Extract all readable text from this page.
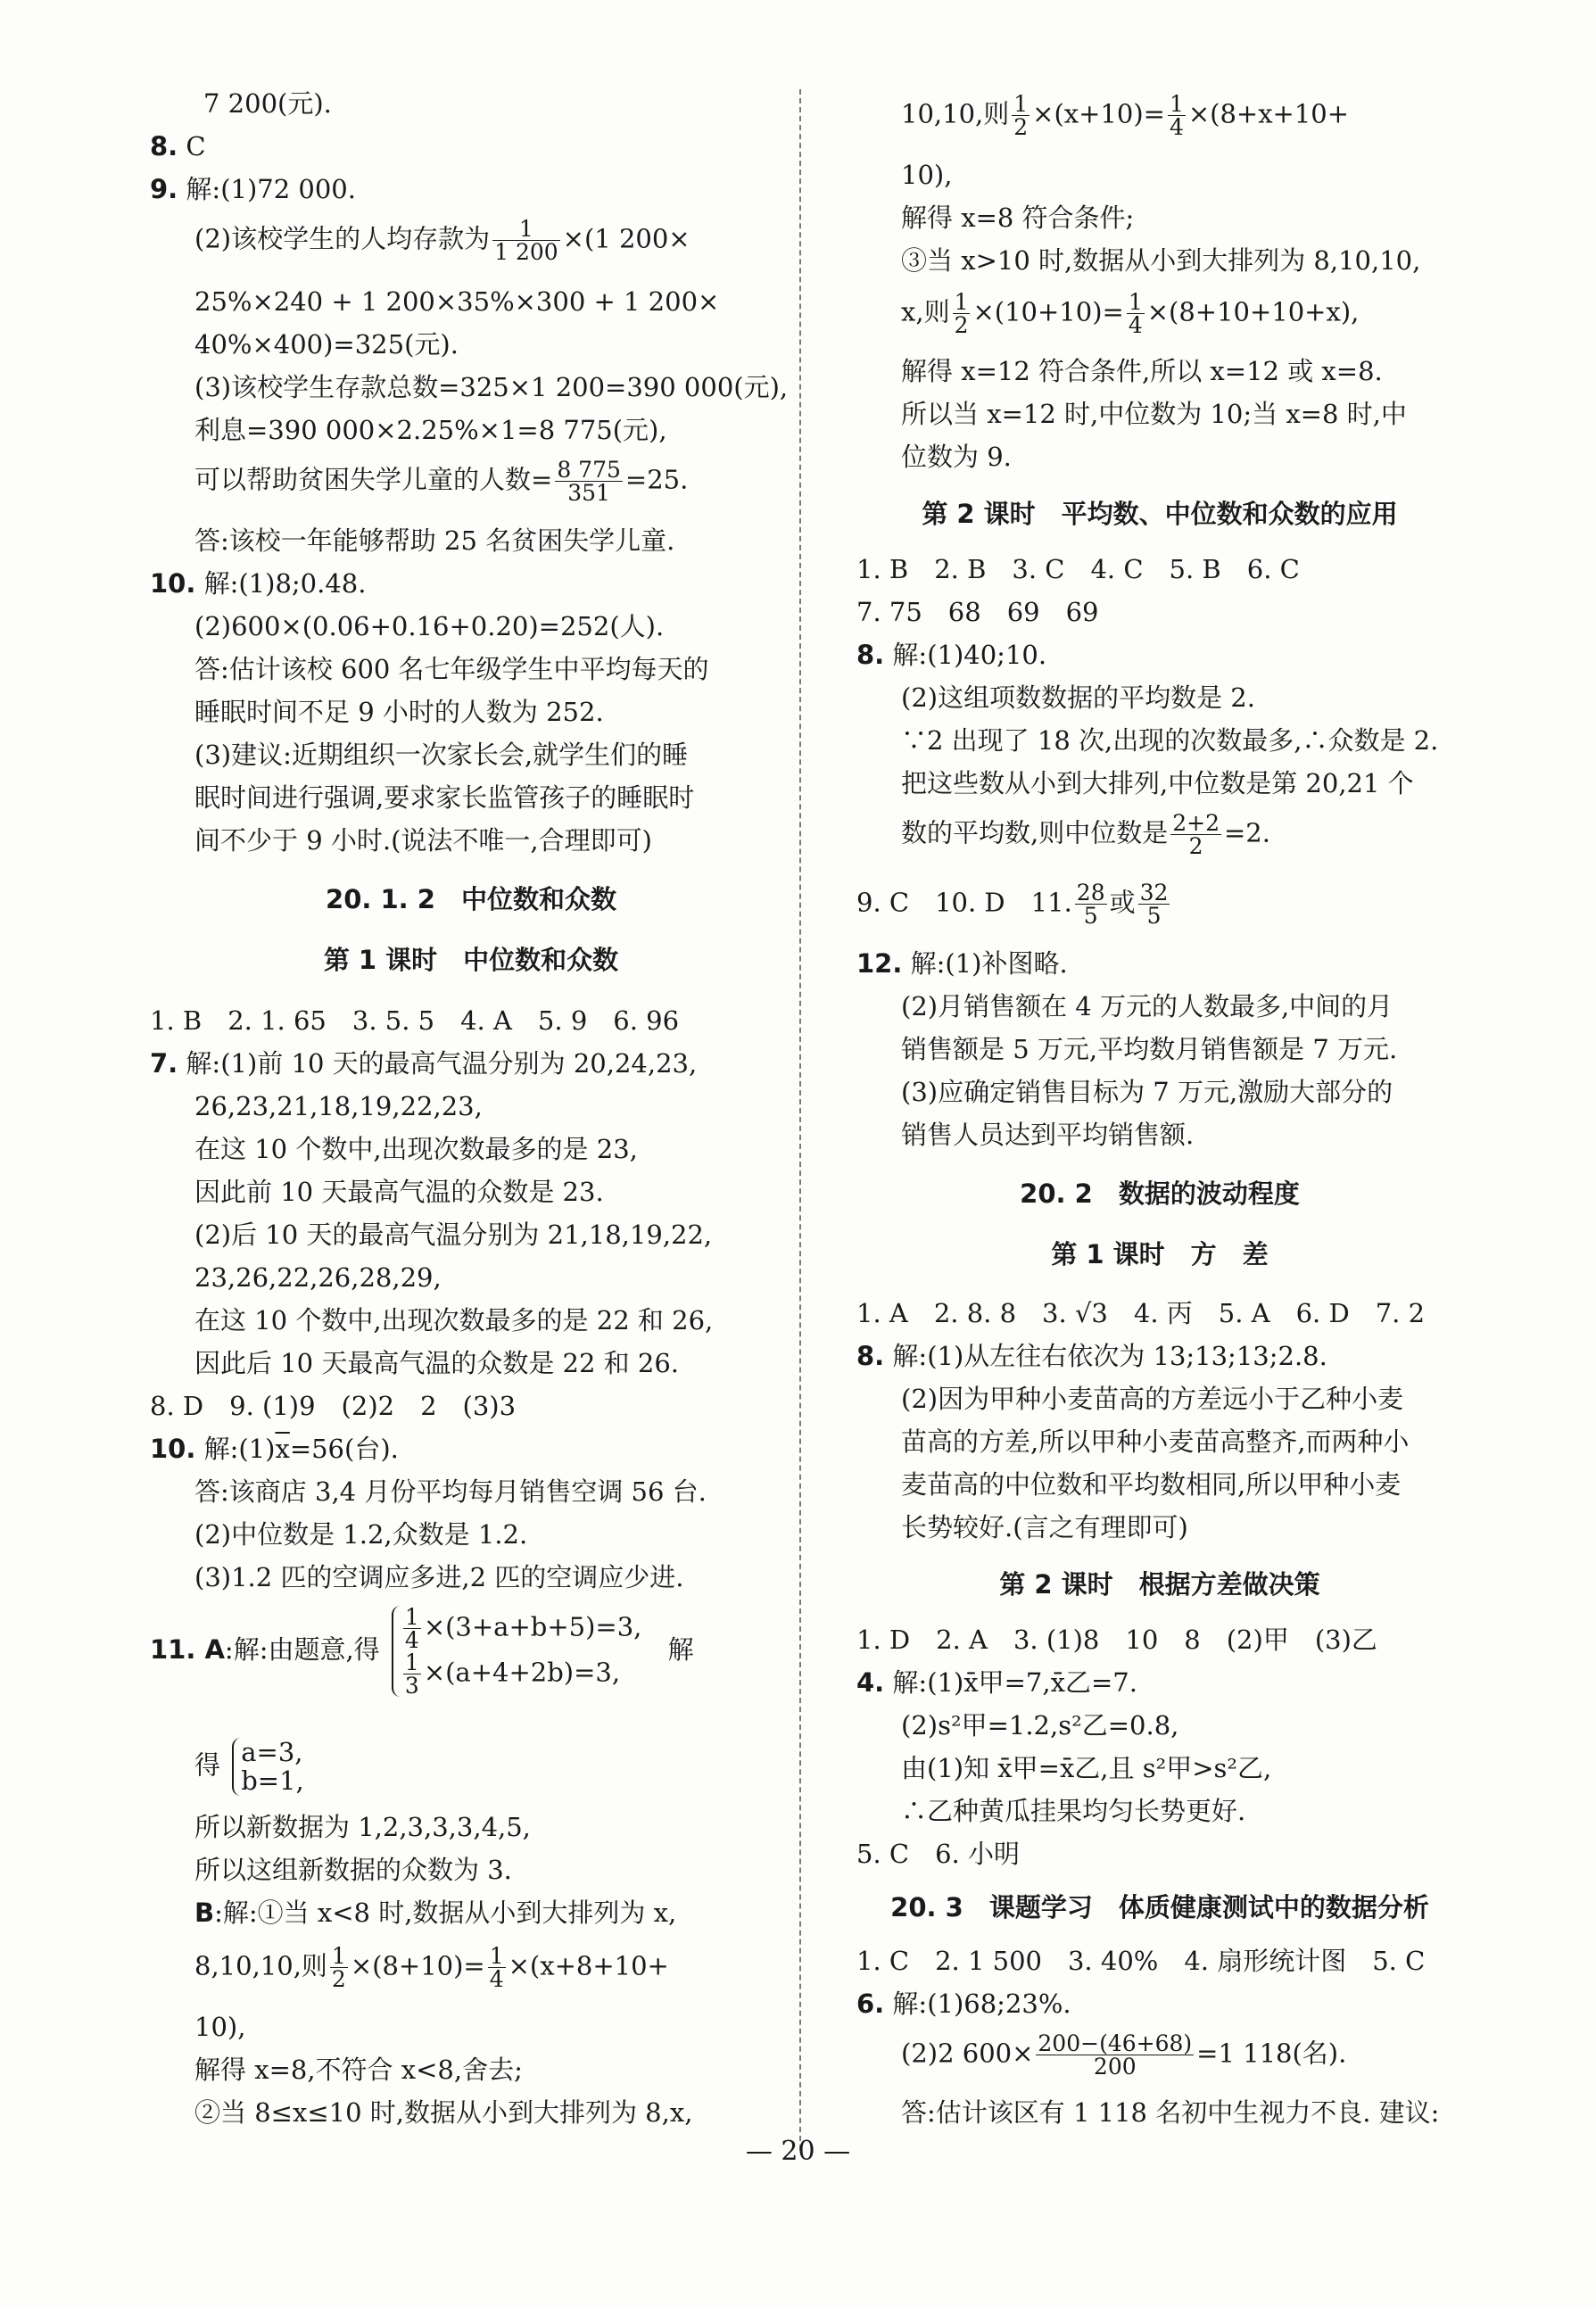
7 200(元).
8. C
9. 解:(1)72 000.
(2)该校学生的人均存款为 $\frac{1}{1 200} \times(1$ 200×
25%×240 + 1 200×35%×300 + 1 200×
40%×400)=325(元).
(3)该校学生存款总数=325×1 200=390 000(元),
利息=390 000×2.25%×1=8 775(元),
可以帮助贫困失学儿童的人数= $\frac{8 775}{351} =25$.
答:该校一年能够帮助 25 名贫困失学儿童.
10. 解:(1)8;0.48.
(2)600×(0.06+0.16+0.20)=252(人).
答:估计该校 600 名七年级学生中平均每天的
睡眠时间不足 9 小时的人数为 252.
(3)建议:近期组织一次家长会,就学生们的睡
眠时间进行强调,要求家长监管孩子的睡眠时
间不少于 9 小时.(说法不唯一,合理即可)
20. 1. 2　中位数和众数
第 1 课时　中位数和众数
1. B　2. 1. 65　3. 5. 5　4. A　5. 9　6. 96
7. 解:(1)前 10 天的最高气温分别为 20,24,23,
26,23,21,18,19,22,23,
在这 10 个数中,出现次数最多的是 23,
因此前 10 天最高气温的众数是 23.
(2)后 10 天的最高气温分别为 21,18,19,22,
23,26,22,26,28,29,
在这 10 个数中,出现次数最多的是 22 和 26,
因此后 10 天最高气温的众数是 22 和 26.
8. D　9. (1)9　(2)2　2　(3)3
10. 解$:(1)\overline{x}=56$(台).
答:该商店 3,4 月份平均每月销售空调 56 台.
(2)中位数是 1.2,众数是 1.2.
(3)1.2 匹的空调应多进,2 匹的空调应少进.
11. A:解:由题意,得 $\frac{1}{4} \times(3+a+b+5)=3$,
$\frac{1}{3} \times(a+4+2b)=3$,
解
得 a=3,
b=1,
所以新数据为 1,2,3,3,3,4,5,
所以这组新数据的众数为 3.
B:解:①当 x<8 时,数据从小到大排列为 x,
8,10,10,则 $\frac{1}{2} \times(8+10)= \frac{1}{4} \times(x+8+10+$
10),
解得 x=8,不符合 x<8,舍去;
②当 8≤x≤10 时,数据从小到大排列为 8,x,
10,10,则 $\frac{1}{2} \times(x+10)= \frac{1}{4} \times(8+x+10+$
10),
解得 x=8 符合条件;
③当 x>10 时,数据从小到大排列为 8,10,10,
x,则 $\frac{1}{2} \times(10+10)= \frac{1}{4} \times(8+10+10+x)$,
解得 x=12 符合条件,所以 x=12 或 x=8.
所以当 x=12 时,中位数为 10;当 x=8 时,中
位数为 9.
第 2 课时　平均数、中位数和众数的应用
1. B　2. B　3. C　4. C　5. B　6. C
7. 75　68　69　69
8. 解:(1)40;10.
(2)这组项数数据的平均数是 2.
∵2 出现了 18 次,出现的次数最多,∴众数是 2.
把这些数从小到大排列,中位数是第 20,21 个
数的平均数,则中位数是 $\frac{2+2}{2} =2$.
9. C　10. D　11. $\frac{28}{5}$ 或 $\frac{32}{5}$
12. 解:(1)补图略.
(2)月销售额在 4 万元的人数最多,中间的月
销售额是 5 万元,平均数月销售额是 7 万元.
(3)应确定销售目标为 7 万元,激励大部分的
销售人员达到平均销售额.
20. 2　数据的波动程度
第 1 课时　方　差
1. A　2. 8. 8　3. √3　4. 丙　5. A　6. D　7. 2
8. 解:(1)从左往右依次为 13;13;13;2.8.
(2)因为甲种小麦苗高的方差远小于乙种小麦
苗高的方差,所以甲种小麦苗高整齐,而两种小
麦苗高的中位数和平均数相同,所以甲种小麦
长势较好.(言之有理即可)
第 2 课时　根据方差做决策
1. D　2. A　3. (1)8　10　8　(2)甲　(3)乙
4. 解:(1)x̄甲=7,x̄乙=7.
(2)s²甲=1.2,s²乙=0.8,
由(1)知 x̄甲=x̄乙,且 s²甲>s²乙,
∴乙种黄瓜挂果均匀长势更好.
5. C　6. 小明
20. 3　课题学习　体质健康测试中的数据分析
1. C　2. 1 500　3. 40%　4. 扇形统计图　5. C
6. 解:(1)68;23%.
(2)2 $600\times \frac{200-(46+68)}{200} =1$ 118(名).
答:估计该区有 1 118 名初中生视力不良. 建议:
— 20 —
